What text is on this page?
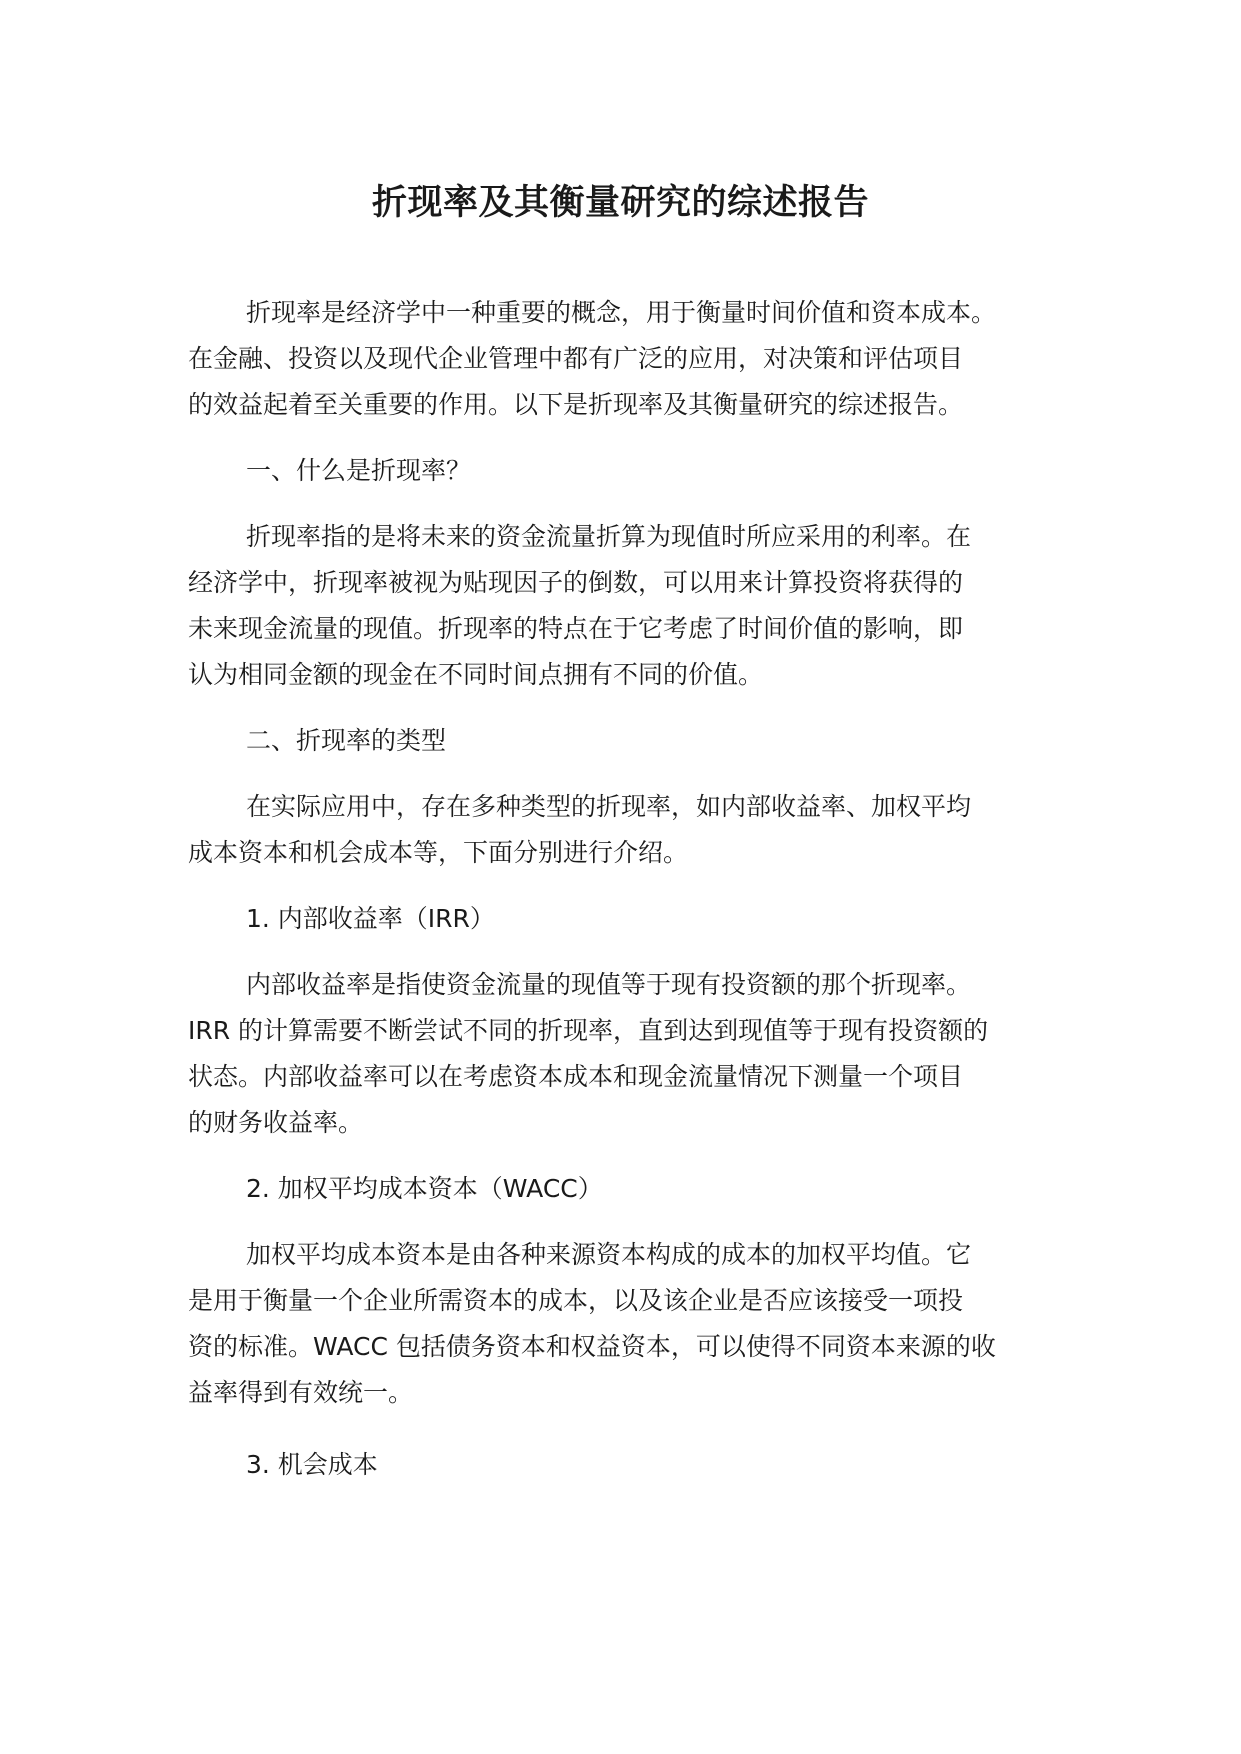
折现率及其衡量研究的综述报告

折现率是经济学中一种重要的概念，用于衡量时间价值和资本成本。
在金融、投资以及现代企业管理中都有广泛的应用，对决策和评估项目
的效益起着至关重要的作用。以下是折现率及其衡量研究的综述报告。

一、什么是折现率？

折现率指的是将未来的资金流量折算为现值时所应采用的利率。在
经济学中，折现率被视为贴现因子的倒数，可以用来计算投资将获得的
未来现金流量的现值。折现率的特点在于它考虑了时间价值的影响，即
认为相同金额的现金在不同时间点拥有不同的价值。

二、折现率的类型

在实际应用中，存在多种类型的折现率，如内部收益率、加权平均
成本资本和机会成本等，下面分别进行介绍。

1. 内部收益率（IRR）

内部收益率是指使资金流量的现值等于现有投资额的那个折现率。
IRR 的计算需要不断尝试不同的折现率，直到达到现值等于现有投资额的
状态。内部收益率可以在考虑资本成本和现金流量情况下测量一个项目
的财务收益率。

2. 加权平均成本资本（WACC）

加权平均成本资本是由各种来源资本构成的成本的加权平均值。它
是用于衡量一个企业所需资本的成本，以及该企业是否应该接受一项投
资的标准。WACC 包括债务资本和权益资本，可以使得不同资本来源的收
益率得到有效统一。

3. 机会成本
